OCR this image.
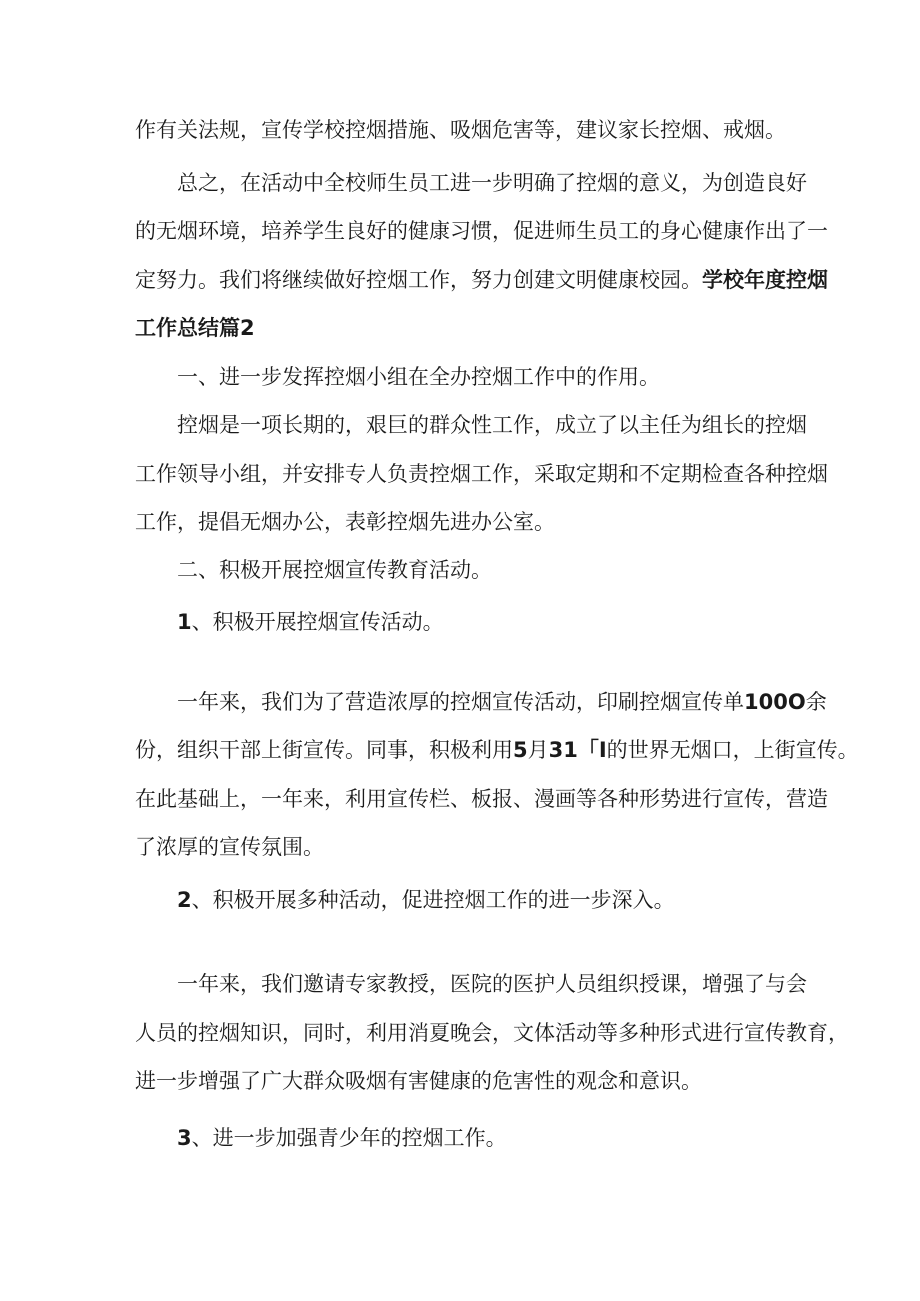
作有关法规，宣传学校控烟措施、吸烟危害等，建议家长控烟、戒烟。
总之，在活动中全校师生员工进一步明确了控烟的意义，为创造良好
的无烟环境，培养学生良好的健康习惯，促进师生员工的身心健康作出了一
定努力。我们将继续做好控烟工作，努力创建文明健康校园。学校年度控烟
工作总结篇2
一、进一步发挥控烟小组在全办控烟工作中的作用。
控烟是一项长期的，艰巨的群众性工作，成立了以主任为组长的控烟
工作领导小组，并安排专人负责控烟工作，采取定期和不定期检查各种控烟
工作，提倡无烟办公，表彰控烟先进办公室。
二、积极开展控烟宣传教育活动。
1、积极开展控烟宣传活动。
一年来，我们为了营造浓厚的控烟宣传活动，印刷控烟宣传单100O余
份，组织干部上街宣传。同事，积极利用5月31「I的世界无烟口，上街宣传。
在此基础上，一年来，利用宣传栏、板报、漫画等各种形势进行宣传，营造
了浓厚的宣传氛围。
2、积极开展多种活动，促进控烟工作的进一步深入。
一年来，我们邀请专家教授，医院的医护人员组织授课，增强了与会
人员的控烟知识，同时，利用消夏晚会，文体活动等多种形式进行宣传教育，
进一步增强了广大群众吸烟有害健康的危害性的观念和意识。
3、进一步加强青少年的控烟工作。
